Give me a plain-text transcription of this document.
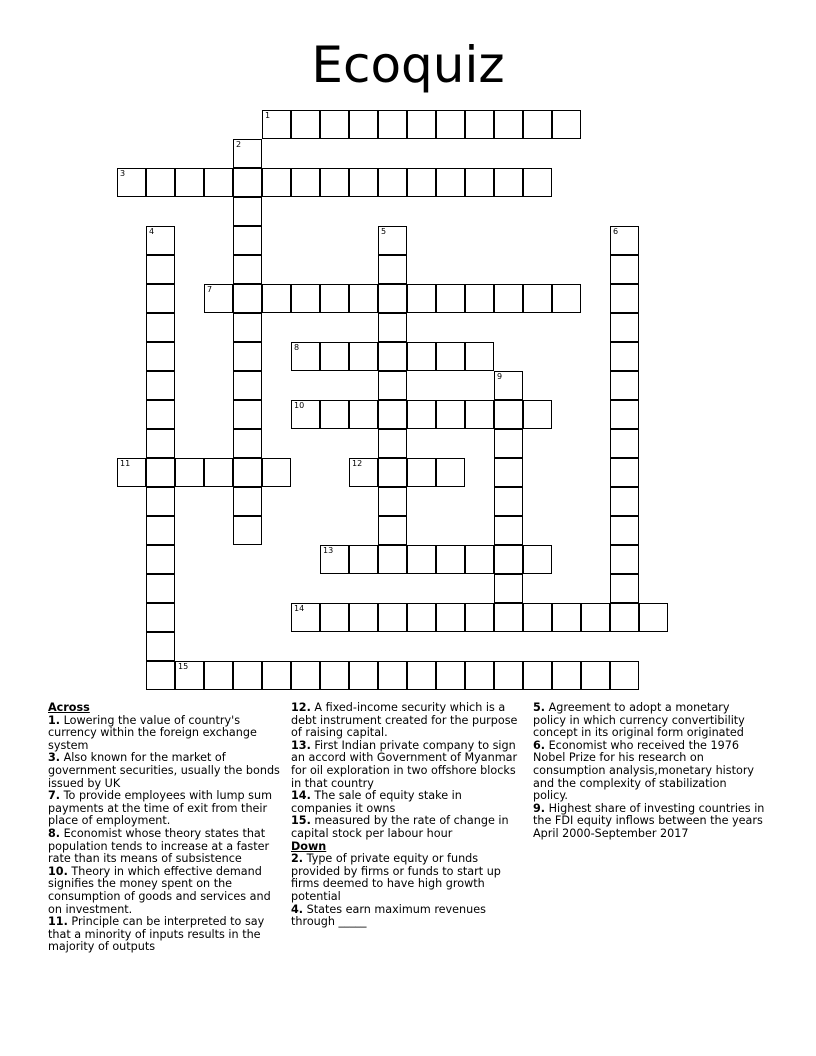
Ecoquiz
1
2
3
4	5	6
7
8
9
10
11	12
13
14
15
Across
1. Lowering the value of country's currency within the foreign exchange system
3. Also known for the market of government securities, usually the bonds issued by UK
7. To provide employees with lump sum payments at the time of exit from their place of employment.
8. Economist whose theory states that population tends to increase at a faster rate than its means of subsistence
10. Theory in which effective demand signifies the money spent on the consumption of goods and services and on investment.
11. Principle can be interpreted to say that a minority of inputs results in the majority of outputs
12. A fixed-income security which is a debt instrument created for the purpose of raising capital.
13. First Indian private company to sign an accord with Government of Myanmar for oil exploration in two offshore blocks in that country
14. The sale of equity stake in companies it owns
15. measured by the rate of change in capital stock per labour hour
Down
2. Type of private equity or funds provided by firms or funds to start up firms deemed to have high growth potential
4. States earn maximum revenues through _____
5. Agreement to adopt a monetary policy in which currency convertibility concept in its original form originated
6. Economist who received the 1976 Nobel Prize for his research on consumption analysis,monetary history and the complexity of stabilization policy.
9. Highest share of investing countries in the FDI equity inflows between the years April 2000-September 2017
